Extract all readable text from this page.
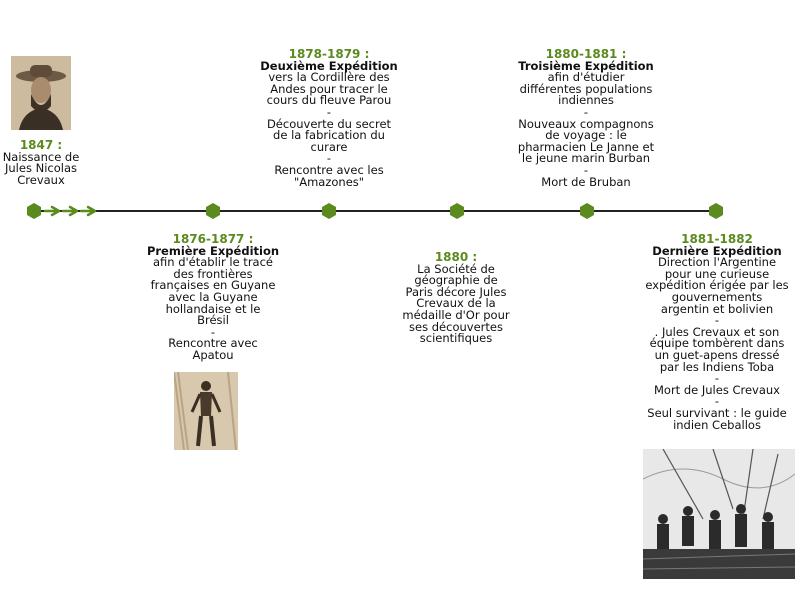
1847 :
Naissance de
Jules Nicolas
Crevaux
1876-1877 :
Première Expédition
afin d'établir le tracé
des frontières
françaises en Guyane
avec la Guyane
hollandaise et le
Brésil
-
Rencontre avec
Apatou
1878-1879 :
Deuxième Expédition
vers la Cordillère des
Andes pour tracer le
cours du fleuve Parou
-
Découverte du secret
de la fabrication du
curare
-
Rencontre avec les
"Amazones"
1880 :
La Société de
géographie de
Paris décore Jules
Crevaux de la
médaille d'Or pour
ses découvertes
scientifiques
1880-1881 :
Troisième Expédition
afin d'étudier
différentes populations
indiennes
-
Nouveaux compagnons
de voyage : le
pharmacien Le Janne et
le jeune marin Burban
-
Mort de Bruban
1881-1882
Dernière Expédition
Direction l'Argentine
pour une curieuse
expédition érigée par les
gouvernements
argentin et bolivien
-
. Jules Crevaux et son
équipe tombèrent dans
un guet-apens dressé
par les Indiens Toba
-
Mort de Jules Crevaux
-
Seul survivant : le guide
indien Ceballos
